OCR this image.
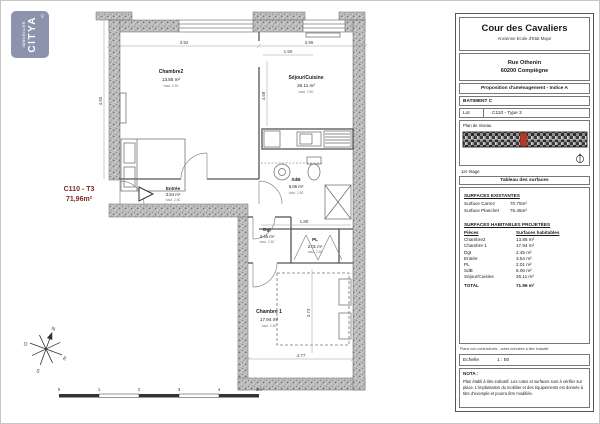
IMMOBILIER CITYA ♕
3.92	3.96
1.50
4.55
4.58
1.80
4.77
3.73
Chambre2
13.85 m²
haut. 2.50
Séjour/Cuisine
26.11 m²
haut. 2.50
SdB
6.06 m²
haut. 2.50
Entrée
3.54 m²
haut. 2.50
Dgt
2.45 m²
haut. 2.50	PL
2.01 m²
haut. 2.50
Chambre 1
17.94 m²
haut. 2.50
C110 - T3
71,96m²
N
S
E
O
0	1	2	3	4	5m
Cour des Cavaliers
Ancienne Ecole d'Etat Major
Rue Othenin
60200 Compiègne
Proposition d'aménagement - Indice A
BATIMENT C
Lot	C110 - Type 3
Plan de niveau
1er étage
Tableau des surfaces
SURFACES EXISTANTES
Surface Carrez	70.75m²
Surface Plancher	75.45m²
SURFACES HABITABLES PROJETÉES
Pièces	Surfaces habitables
Chambre2	13.85 m²
Chambre 1	17.94 m²
Dgt	2.45 m²
Entrée	3.54 m²
PL	2.01 m²
SdB	6.06 m²
Séjour/Cuisine	26.11 m²
TOTAL	71.96 m²
Plans non contractuels - cotes données à titre indicatif
Echelle	1 : 50
NOTA :
Plan établi à titre indicatif. Les cotes et surfaces sont à vérifier sur place. L'implantation du mobilier et des équipements est donnée à titre d'exemple et pourra être modifiée.
